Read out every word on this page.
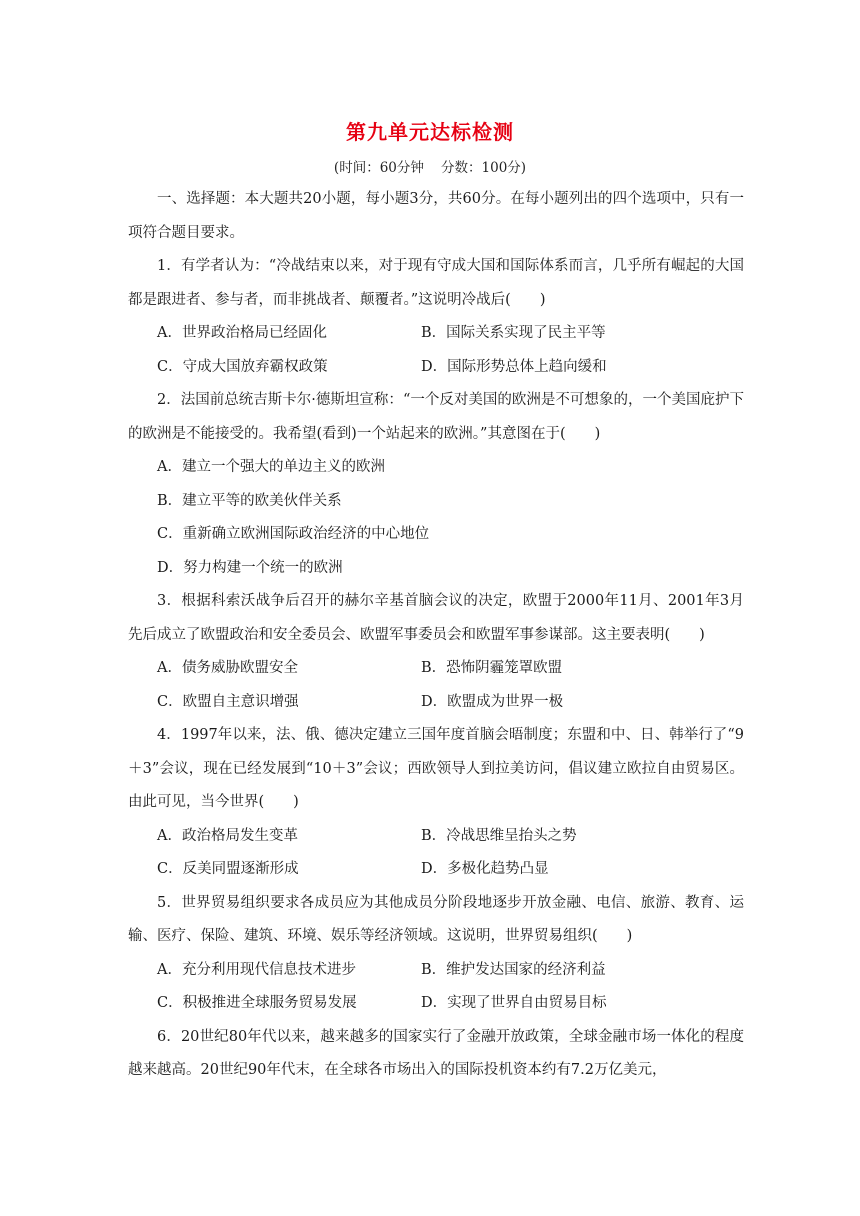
第九单元达标检测
(时间：60分钟    分数：100分)

一、选择题：本大题共20小题，每小题3分，共60分。在每小题列出的四个选项中，只有一项符合题目要求。

1．有学者认为：“冷战结束以来，对于现有守成大国和国际体系而言，几乎所有崛起的大国都是跟进者、参与者，而非挑战者、颠覆者。”这说明冷战后(　　)

A．世界政治格局已经固化	B．国际关系实现了民主平等
C．守成大国放弃霸权政策	D．国际形势总体上趋向缓和

2．法国前总统吉斯卡尔·德斯坦宣称：“一个反对美国的欧洲是不可想象的，一个美国庇护下的欧洲是不能接受的。我希望(看到)一个站起来的欧洲。”其意图在于(　　)

A．建立一个强大的单边主义的欧洲
B．建立平等的欧美伙伴关系
C．重新确立欧洲国际政治经济的中心地位
D．努力构建一个统一的欧洲

3．根据科索沃战争后召开的赫尔辛基首脑会议的决定，欧盟于2000年11月、2001年3月先后成立了欧盟政治和安全委员会、欧盟军事委员会和欧盟军事参谋部。这主要表明(　　)

A．债务威胁欧盟安全	B．恐怖阴霾笼罩欧盟
C．欧盟自主意识增强	D．欧盟成为世界一极

4．1997年以来，法、俄、德决定建立三国年度首脑会晤制度；东盟和中、日、韩举行了“9＋3”会议，现在已经发展到“10＋3”会议；西欧领导人到拉美访问，倡议建立欧拉自由贸易区。由此可见，当今世界(　　)

A．政治格局发生变革	B．冷战思维呈抬头之势
C．反美同盟逐渐形成	D．多极化趋势凸显

5．世界贸易组织要求各成员应为其他成员分阶段地逐步开放金融、电信、旅游、教育、运输、医疗、保险、建筑、环境、娱乐等经济领域。这说明，世界贸易组织(　　)

A．充分利用现代信息技术进步	B．维护发达国家的经济利益
C．积极推进全球服务贸易发展	D．实现了世界自由贸易目标

6．20世纪80年代以来，越来越多的国家实行了金融开放政策，全球金融市场一体化的程度越来越高。20世纪90年代末，在全球各市场出入的国际投机资本约有7.2万亿美元，
